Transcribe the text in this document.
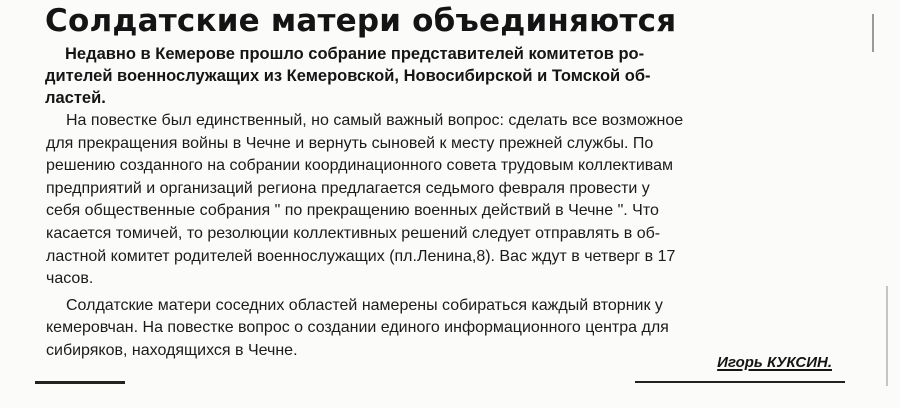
Солдатские матери объединяются
Недавно в Кемерове прошло собрание представителей комитетов ро-
дителей военнослужащих из Кемеровской, Новосибирской и Томской об-
ластей.
На повестке был единственный, но самый важный вопрос: сделать все возможное
для прекращения войны в Чечне и вернуть сыновей к месту прежней службы. По
решению созданного на собрании координационного совета трудовым коллективам
предприятий и организаций региона предлагается седьмого февраля провести у
себя общественные собрания " по прекращению военных действий в Чечне ". Что
касается томичей, то резолюции коллективных решений следует отправлять в об-
ластной комитет родителей военнослужащих (пл.Ленина,8). Вас ждут в четверг в 17
часов.
Солдатские матери соседних областей намерены собираться каждый вторник у
кемеровчан. На повестке вопрос о создании единого информационного центра для
сибиряков, находящихся в Чечне.
Игорь КУКСИН.
